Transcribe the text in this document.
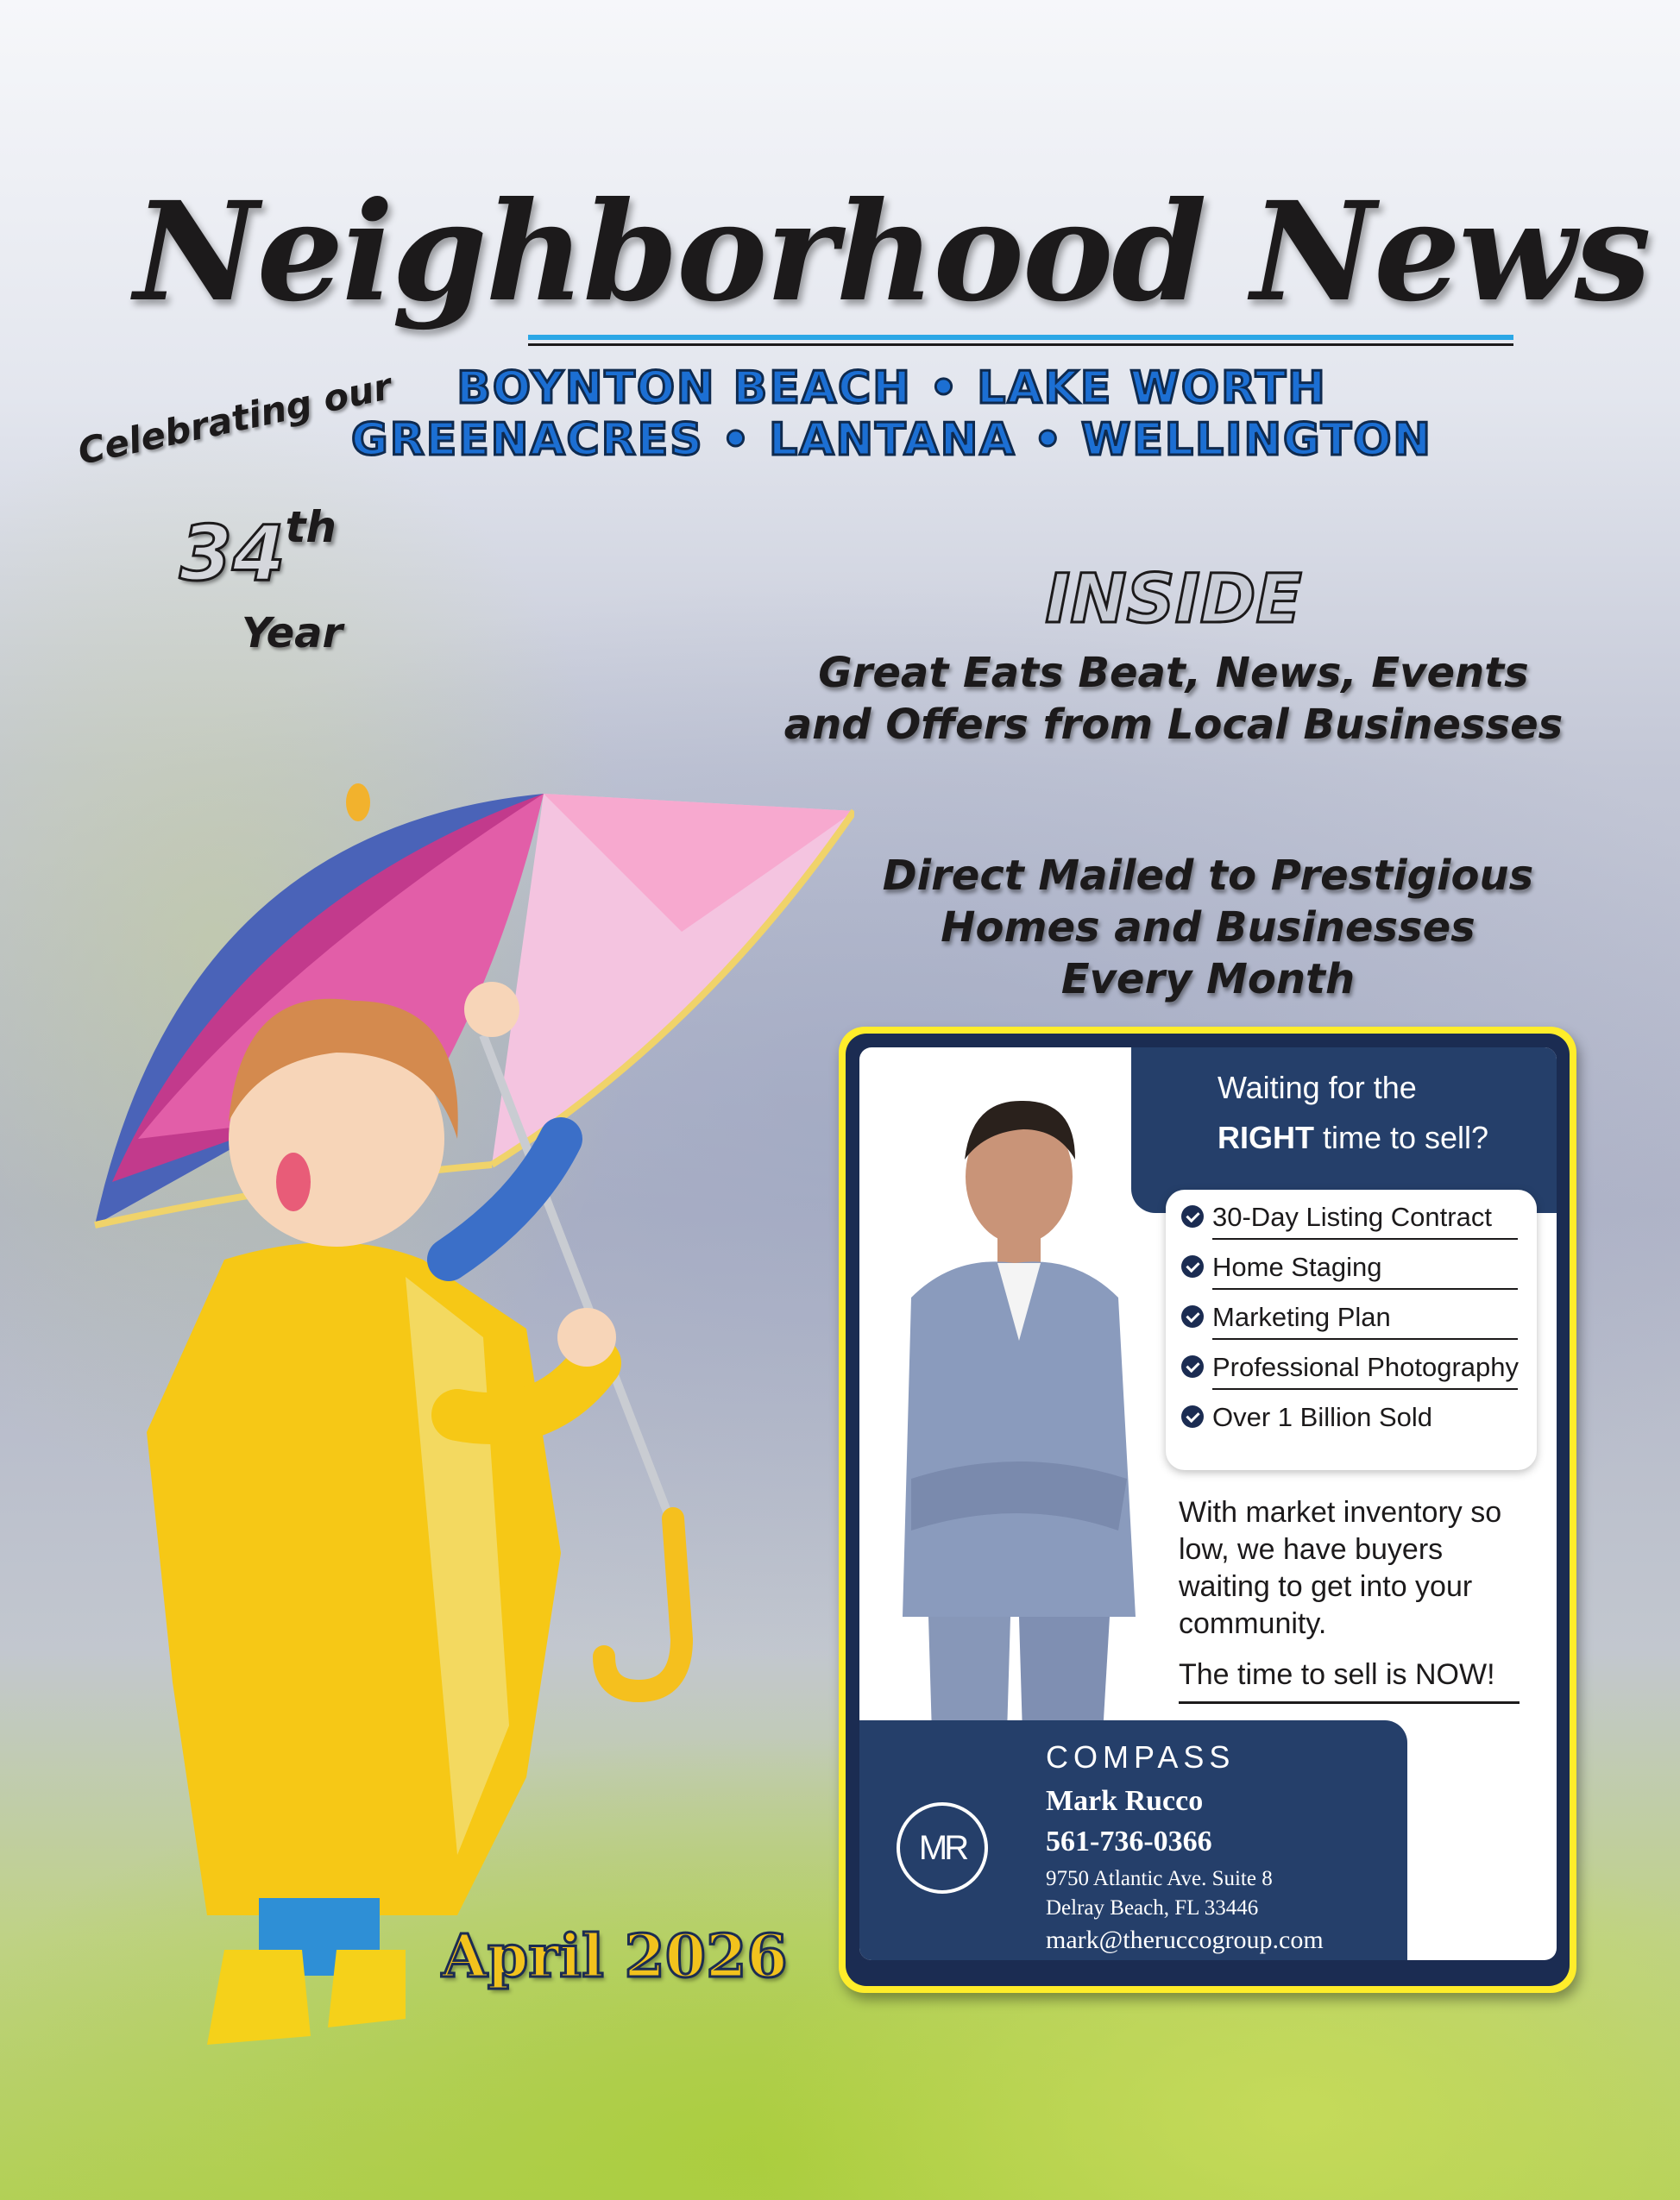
Neighborhood News
BOYNTON BEACH • LAKE WORTH
GREENACRES • LANTANA • WELLINGTON
Celebrating our
34th
Year	INSIDE
Great Eats Beat, News, Events
and Offers from Local Businesses
Direct Mailed to Prestigious
Homes and Businesses
Every Month
April 2026
Waiting for the
RIGHT time to sell?
30-Day Listing Contract
Home Staging
Marketing Plan
Professional Photography
Over 1 Billion Sold
With market inventory so low, we have buyers waiting to get into your community.
The time to sell is NOW!
MR
COMPASS
Mark Rucco
561-736-0366
9750 Atlantic Ave. Suite 8
Delray Beach, FL 33446
mark@theruccogroup.com
